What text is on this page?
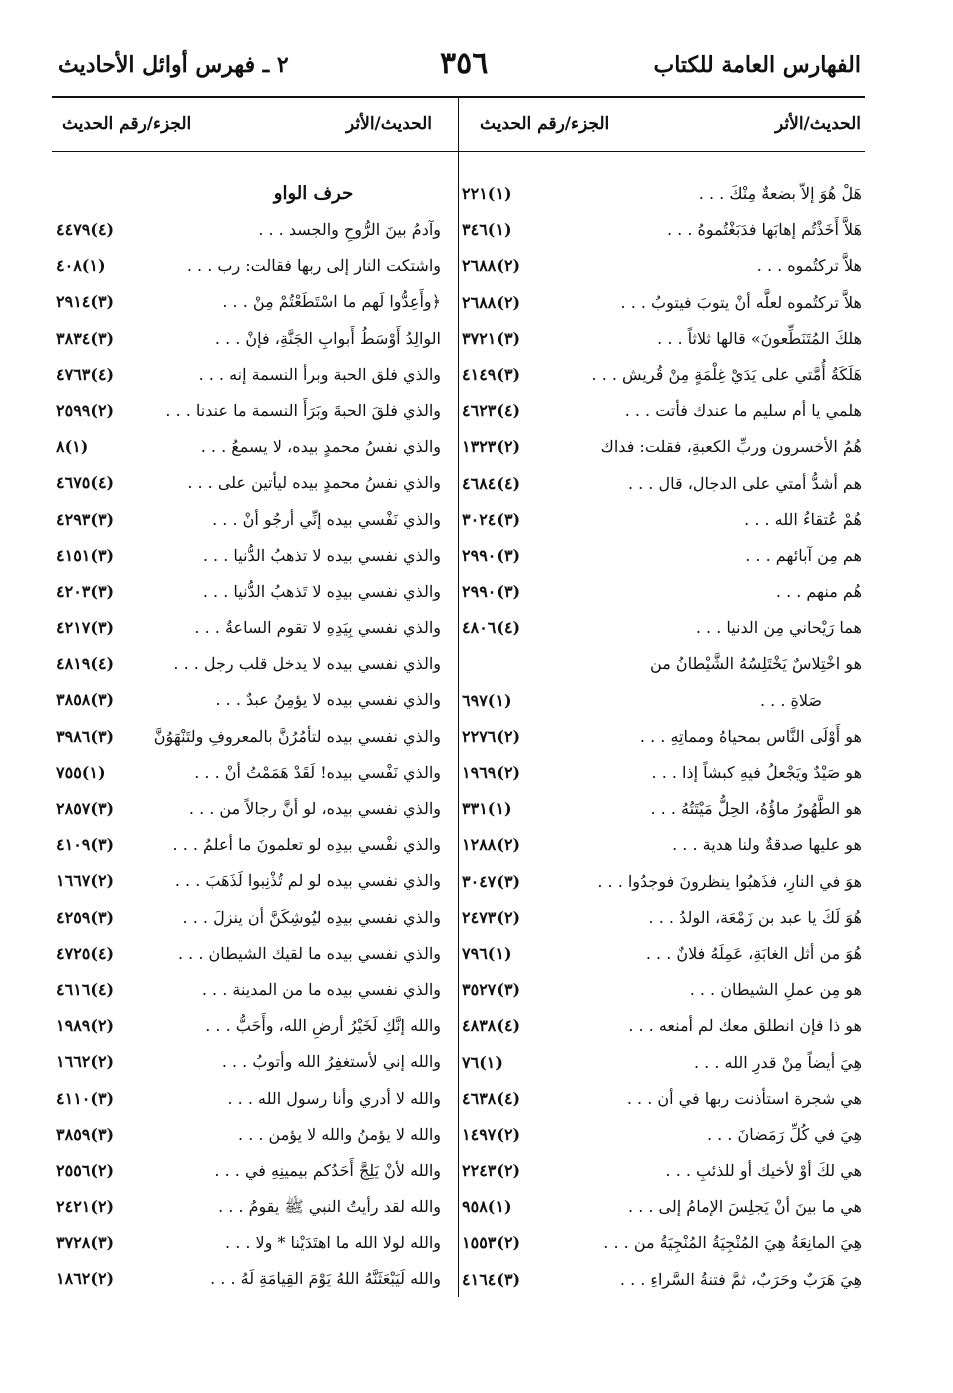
الفهارس العامة للكتاب
٣٥٦
٢ ـ فهرس أوائل الأحاديث
الحديث/الأثر
الجزء/رقم الحديث
الحديث/الأثر
الجزء/رقم الحديث
هَلْ هُوَ إلاّ بضعةٌ مِنْكَ . . .
(١)٢٢١
هَلاَّ أَخَذْتُم إهابَها فدَبَغْتُموهُ . . .
(١)٣٤٦
هلاَّ تركتُموه . . .
(٢)٢٦٨٨
هلاَّ تركتُموه لعلَّه أنْ يتوبَ فيتوبُ . . .
(٢)٢٦٨٨
هلكَ المُتَنَطِّعونَ» قالها ثلاثاً . . .
(٣)٣٧٢١
هَلَكَةُ أُمَّتي على يَدَيْ غِلْمَةٍ مِنْ قُريش . . .
(٣)٤١٤٩
هلمي يا أم سليم ما عندك فأتت . . .
(٤)٤٦٢٣
هُمُ الأخسرون وربِّ الكعبةِ، فقلت: فداك
(٢)١٣٢٣
هم أشدُّ أمتي على الدجال، قال . . .
(٤)٤٦٨٤
هُمْ عُتقاءُ الله . . .
(٣)٣٠٢٤
هم مِن آبائهم . . .
(٣)٢٩٩٠
هُم منهم . . .
(٣)٢٩٩٠
هما رَيْحاني مِن الدنيا . . .
(٤)٤٨٠٦
هو اخْتِلاسٌ يَخْتَلِسُهُ الشَّيْطانُ من
صَلاةِ . . .
(١)٦٩٧
هو أَوْلَى النَّاس بمحياهُ ومماتِهِ . . .
(٢)٢٢٧٦
هو صَيْدٌ ويَجْعلُ فيهِ كبشاً إذا . . .
(٢)١٩٦٩
هو الطَّهُورُ ماؤُهُ، الحِلُّ مَيْتَتُهُ . . .
(١)٣٣١
هو عليها صدقةٌ ولنا هدية . . .
(٢)١٢٨٨
هوَ في النارِ، فذَهبُوا ينظرونَ فوجدُوا . . .
(٣)٣٠٤٧
هُوَ لَكَ يا عبد بن زَمْعَة، الولدُ . . .
(٢)٢٤٧٣
هُوَ من أثل الغابَةِ، عَمِلَهُ فلانٌ . . .
(١)٧٩٦
هو مِن عملِ الشيطان . . .
(٣)٣٥٢٧
هو ذا فإن انطلق معك لم أمنعه . . .
(٤)٤٨٣٨
هِيَ أيضاً مِنْ قدرِ الله . . .
(١)٧٦
هي شجرة استأذنت ربها في أن . . .
(٤)٤٦٣٨
هِيَ في كُلِّ رَمَضانَ . . .
(٢)١٤٩٧
هي لكَ أوْ لأخيك أو للذئبِ . . .
(٢)٢٢٤٣
هي ما بينَ أنْ يَجلِسَ الإمامُ إلى . . .
(١)٩٥٨
هِيَ المانِعَةُ هِيَ المُنْجِيَةُ المُنْجِيَةُ من . . .
(٢)١٥٥٣
هِيَ هَرَبٌ وحَرَبٌ، ثمَّ فتنةُ السَّراءِ . . .
(٣)٤١٦٤
حرف الواو
وآدمُ بينَ الرُّوحِ والجسد . . .
(٤)٤٤٧٩
واشتكت النار إلى ربها فقالت: رب . . .
(١)٤٠٨
﴿وأَعِدُّوا لَهم ما اسْتَطَعْتُمْ مِنْ . . .
(٣)٢٩١٤
الوالِدُ أَوْسَطُ أَبوابِ الجَنَّةِ، فإنْ . . .
(٣)٣٨٣٤
والذي فلق الحبة وبرأ النسمة إنه . . .
(٤)٤٧٦٣
والذي فلقَ الحبةَ وبَرَأَ النسمة ما عندنا . . .
(٢)٢٥٩٩
والذي نفسُ محمدٍ بيده، لا يسمعُ . . .
(١)٨
والذي نفسُ محمدٍ بيده ليأتين على . . .
(٤)٤٦٧٥
والذي نَفْسي بيده إنِّي أرجُو أنْ . . .
(٣)٤٢٩٣
والذي نفسي بيده لا تذهبُ الدُّنيا . . .
(٣)٤١٥١
والذي نفسي بيدِه لا تَذهبُ الدُّنيا . . .
(٣)٤٢٠٣
والذي نفسي بِيَدِهِ لا تقوم الساعةُ . . .
(٣)٤٢١٧
والذي نفسي بيده لا يدخل قلب رجل . . .
(٤)٤٨١٩
والذي نفسي بيده لا يؤمِنُ عبدٌ . . .
(٣)٣٨٥٨
والذي نفسي بيده لتأمُرُنَّ بالمعروفِ ولتَنْهَوُنَّ
(٣)٣٩٨٦
والذي نَفْسي بيده! لَقَدْ هَمَمْتُ أنْ . . .
(١)٧٥٥
والذي نفسي بيده، لو أنَّ رجالاً من . . .
(٣)٢٨٥٧
والذي نفْسي بيدِه لو تعلمونَ ما أعلمُ . . .
(٣)٤١٠٩
والذي نفسي بيده لو لم تُذْنِبوا لَذَهَبَ . . .
(٢)١٦٦٧
والذي نفسي بيدِه ليُوشِكَنَّ أن ينزلَ . . .
(٣)٤٢٥٩
والذي نفسي بيده ما لقيك الشيطان . . .
(٤)٤٧٢٥
والذي نفسي بيده ما من المدينة . . .
(٤)٤٦١٦
والله إنَّكِ لَخَيْرُ أرضِ الله، وأَحَبُّ . . .
(٢)١٩٨٩
والله إني لأستغفِرُ الله وأتوبُ . . .
(٢)١٦٦٢
والله لا أدري وأنا رسول الله . . .
(٣)٤١١٠
والله لا يؤمنُ والله لا يؤمن . . .
(٣)٣٨٥٩
والله لأنْ يَلِجَّ أَحَدُكم بيمينِهِ في . . .
(٢)٢٥٥٦
والله لقد رأيتُ النبي ﷺ يقومُ . . .
(٢)٢٤٢١
والله لولا الله ما اهتَدَيْنا * ولا . . .
(٣)٣٧٢٨
والله لَيَبْعَثَنَّهُ اللهُ يَوْمَ القِيامَةِ لَهُ . . .
(٢)١٨٦٢
